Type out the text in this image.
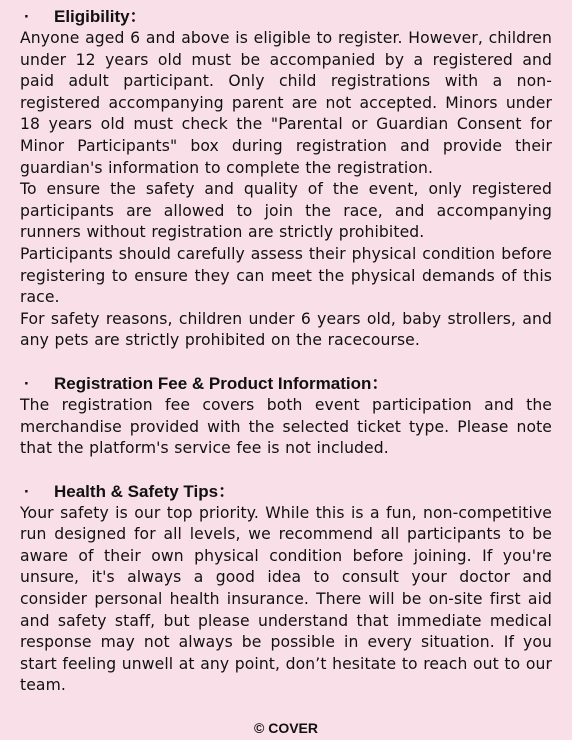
·	Eligibility：

Anyone aged 6 and above is eligible to register. However, children under 12 years old must be accompanied by a registered and paid adult participant. Only child registrations with a non-registered accompanying parent are not accepted. Minors under 18 years old must check the "Parental or Guardian Consent for Minor Participants" box during registration and provide their guardian's information to complete the registration.

To ensure the safety and quality of the event, only registered participants are allowed to join the race, and accompanying runners without registration are strictly prohibited.

Participants should carefully assess their physical condition before registering to ensure they can meet the physical demands of this race.

For safety reasons, children under 6 years old, baby strollers, and any pets are strictly prohibited on the racecourse.

·	Registration Fee & Product Information：

The registration fee covers both event participation and the merchandise provided with the selected ticket type. Please note that the platform's service fee is not included.

·	Health & Safety Tips：

Your safety is our top priority. While this is a fun, non-competitive run designed for all levels, we recommend all participants to be aware of their own physical condition before joining. If you're unsure, it's always a good idea to consult your doctor and consider personal health insurance. There will be on-site first aid and safety staff, but please understand that immediate medical response may not always be possible in every situation. If you start feeling unwell at any point, don’t hesitate to reach out to our team.

© COVER
